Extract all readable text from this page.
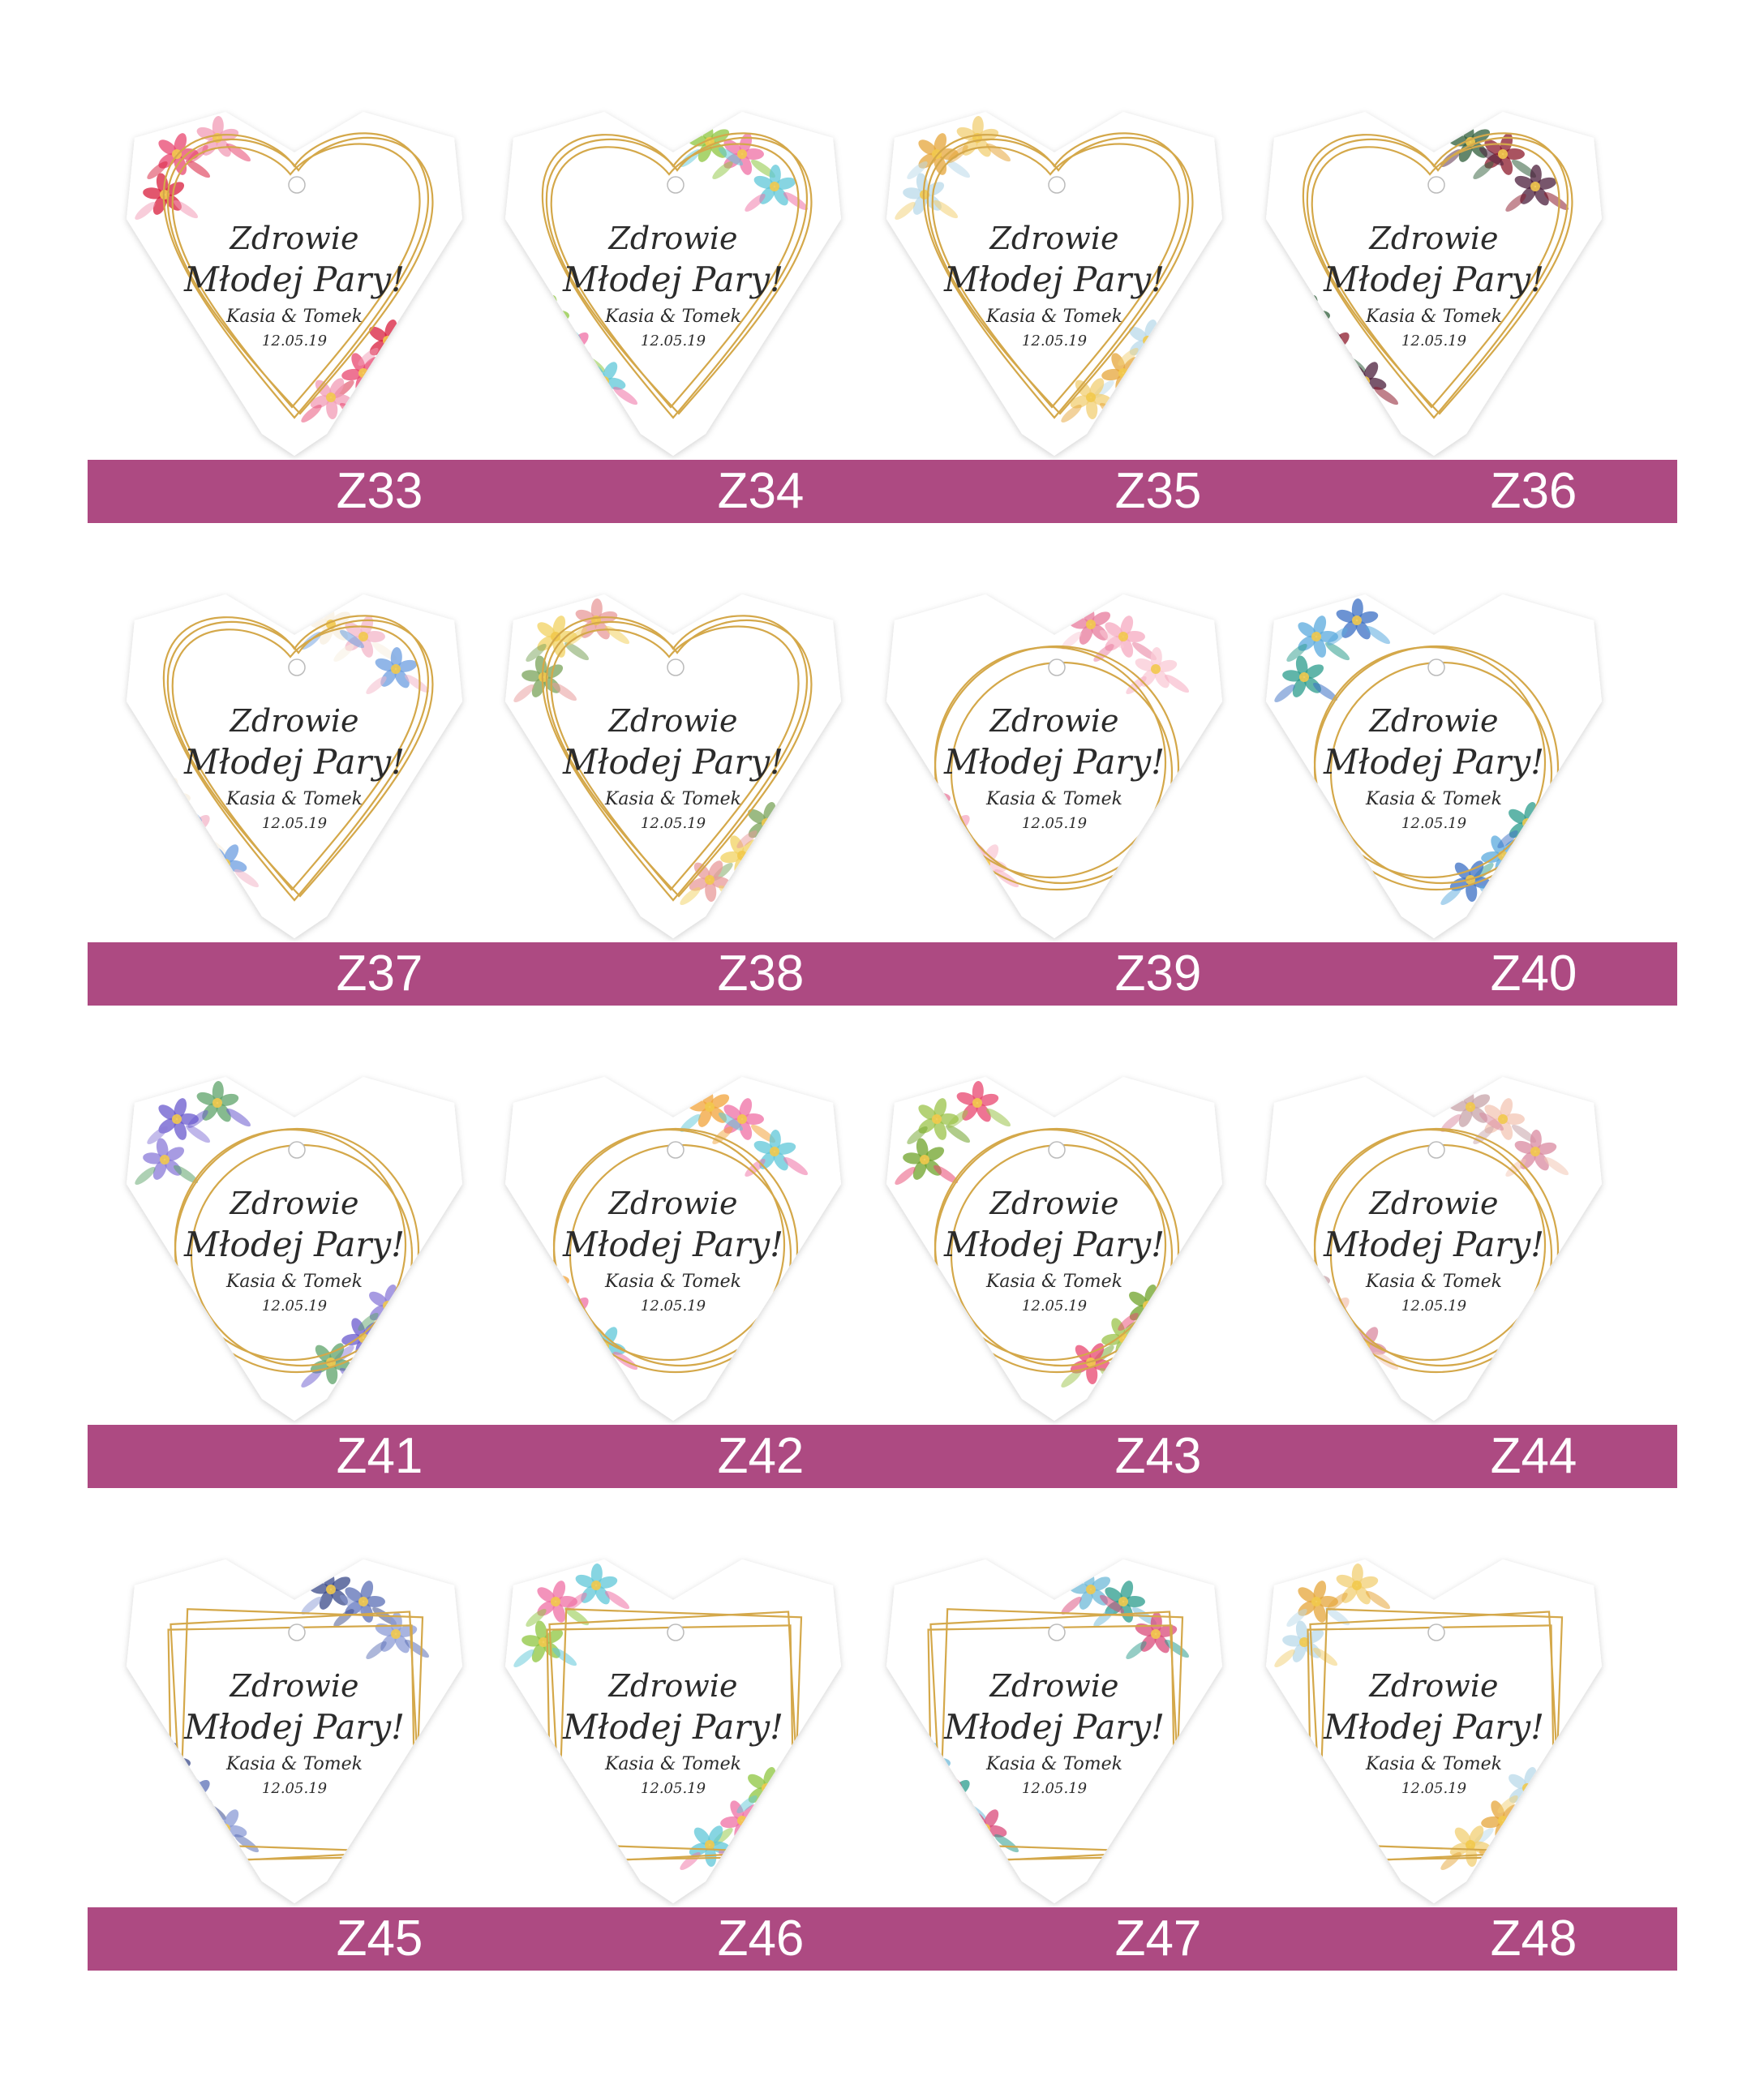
Zdrowie
Młodej Pary!
Kasia & Tomek
12.05.19
Zdrowie
Młodej Pary!
Kasia & Tomek
12.05.19
Zdrowie
Młodej Pary!
Kasia & Tomek
12.05.19
Zdrowie
Młodej Pary!
Kasia & Tomek
12.05.19
Z33	Z34	Z35	Z36
Zdrowie
Młodej Pary!
Kasia & Tomek
12.05.19
Zdrowie
Młodej Pary!
Kasia & Tomek
12.05.19
Zdrowie
Młodej Pary!
Kasia & Tomek
12.05.19
Zdrowie
Młodej Pary!
Kasia & Tomek
12.05.19
Z37	Z38	Z39	Z40
Zdrowie
Młodej Pary!
Kasia & Tomek
12.05.19
Zdrowie
Młodej Pary!
Kasia & Tomek
12.05.19
Zdrowie
Młodej Pary!
Kasia & Tomek
12.05.19
Zdrowie
Młodej Pary!
Kasia & Tomek
12.05.19
Z41	Z42	Z43	Z44
Zdrowie
Młodej Pary!
Kasia & Tomek
12.05.19
Zdrowie
Młodej Pary!
Kasia & Tomek
12.05.19
Zdrowie
Młodej Pary!
Kasia & Tomek
12.05.19
Zdrowie
Młodej Pary!
Kasia & Tomek
12.05.19
Z45	Z46	Z47	Z48
